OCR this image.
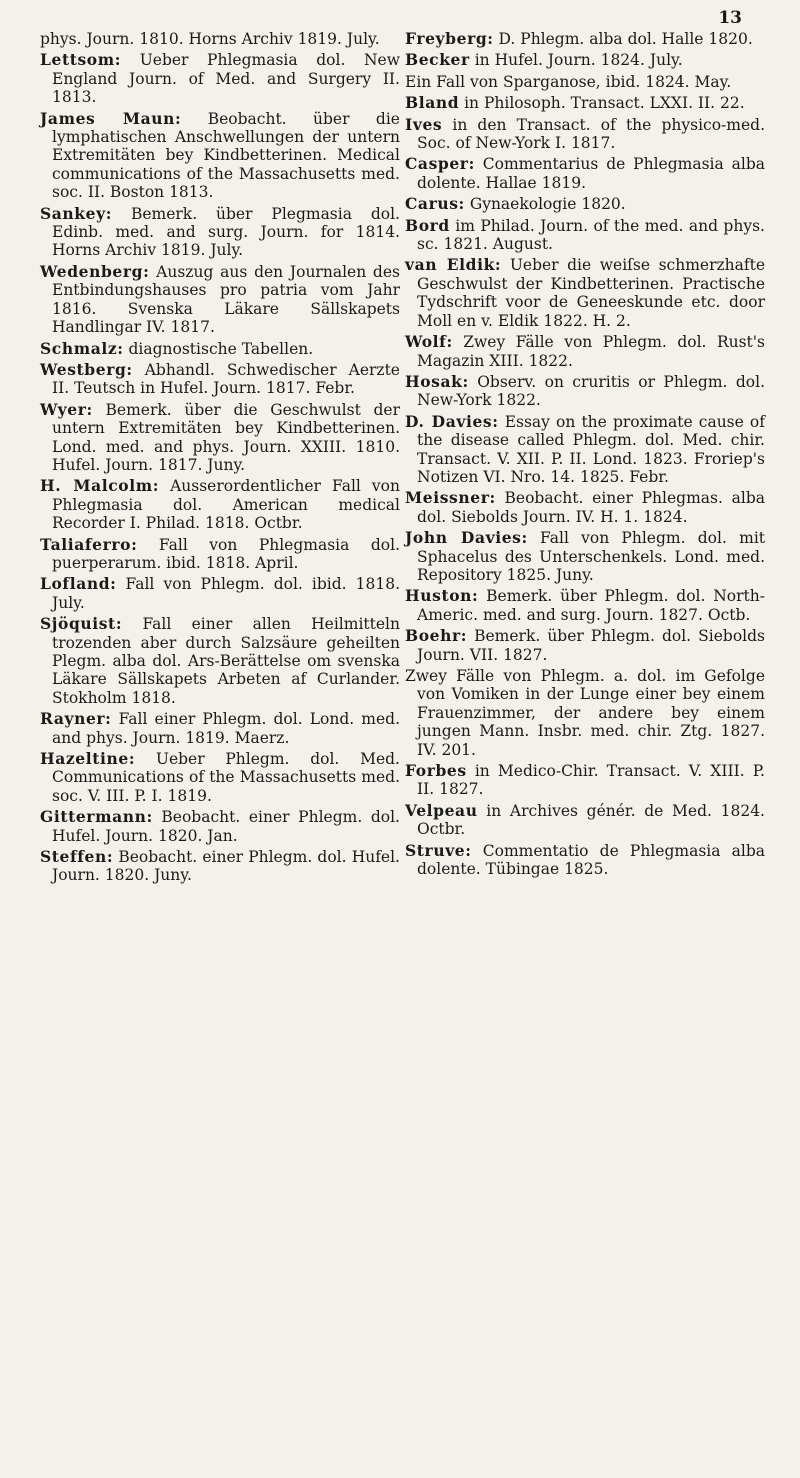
13

phys. Journ. 1810. Horns Archiv 1819. July.

Lettsom: Ueber Phlegmasia dol. New England Journ. of Med. and Surgery II. 1813.

James Maun: Beobacht. über die lymphatischen Anschwellungen der untern Extremitäten bey Kindbetterinen. Medical communications of the Massachusetts med. soc. II. Boston 1813.

Sankey: Bemerk. über Plegmasia dol. Edinb. med. and surg. Journ. for 1814. Horns Archiv 1819. July.

Wedenberg: Auszug aus den Journalen des Entbindungshauses pro patria vom Jahr 1816. Svenska Läkare Sällskapets Handlingar IV. 1817.

Schmalz: diagnostische Tabellen.

Westberg: Abhandl. Schwedischer Aerzte II. Teutsch in Hufel. Journ. 1817. Febr.

Wyer: Bemerk. über die Geschwulst der untern Extremitäten bey Kindbetterinen. Lond. med. and phys. Journ. XXIII. 1810. Hufel. Journ. 1817. Juny.

H. Malcolm: Ausserordentlicher Fall von Phlegmasia dol. American medical Recorder I. Philad. 1818. Octbr.

Taliaferro: Fall von Phlegmasia dol. puerperarum. ibid. 1818. April.

Lofland: Fall von Phlegm. dol. ibid. 1818. July.

Sjöquist: Fall einer allen Heilmitteln trozenden aber durch Salzsäure geheilten Plegm. alba dol. Ars-Berättelse om svenska Läkare Sällskapets Arbeten af Curlander. Stokholm 1818.

Rayner: Fall einer Phlegm. dol. Lond. med. and phys. Journ. 1819. Maerz.

Hazeltine: Ueber Phlegm. dol. Med. Communications of the Massachusetts med. soc. V. III. P. I. 1819.

Gittermann: Beobacht. einer Phlegm. dol. Hufel. Journ. 1820. Jan.

Steffen: Beobacht. einer Phlegm. dol. Hufel. Journ. 1820. Juny.

Freyberg: D. Phlegm. alba dol. Halle 1820.

Becker in Hufel. Journ. 1824. July.

Ein Fall von Sparganose, ibid. 1824. May.

Bland in Philosoph. Transact. LXXI. II. 22.

Ives in den Transact. of the physico-med. Soc. of New-York I. 1817.

Casper: Commentarius de Phlegmasia alba dolente. Hallae 1819.

Carus: Gynaekologie 1820.

Bord im Philad. Journ. of the med. and phys. sc. 1821. August.

van Eldik: Ueber die weiſse schmerzhafte Geschwulst der Kindbetterinen. Practische Tydschrift voor de Geneeskunde etc. door Moll en v. Eldik 1822. H. 2.

Wolf: Zwey Fälle von Phlegm. dol. Rust's Magazin XIII. 1822.

Hosak: Observ. on cruritis or Phlegm. dol. New-York 1822.

D. Davies: Essay on the proximate cause of the disease called Phlegm. dol. Med. chir. Transact. V. XII. P. II. Lond. 1823. Froriep's Notizen VI. Nro. 14. 1825. Febr.

Meissner: Beobacht. einer Phlegmas. alba dol. Siebolds Journ. IV. H. 1. 1824.

John Davies: Fall von Phlegm. dol. mit Sphacelus des Unterschenkels. Lond. med. Repository 1825. Juny.

Huston: Bemerk. über Phlegm. dol. North-Americ. med. and surg. Journ. 1827. Octb.

Boehr: Bemerk. über Phlegm. dol. Siebolds Journ. VII. 1827.

Zwey Fälle von Phlegm. a. dol. im Gefolge von Vomiken in der Lunge einer bey einem Frauenzimmer, der andere bey einem jungen Mann. Insbr. med. chir. Ztg. 1827. IV. 201.

Forbes in Medico-Chir. Transact. V. XIII. P. II. 1827.

Velpeau in Archives génér. de Med. 1824. Octbr.

Struve: Commentatio de Phlegmasia alba dolente. Tübingae 1825.
